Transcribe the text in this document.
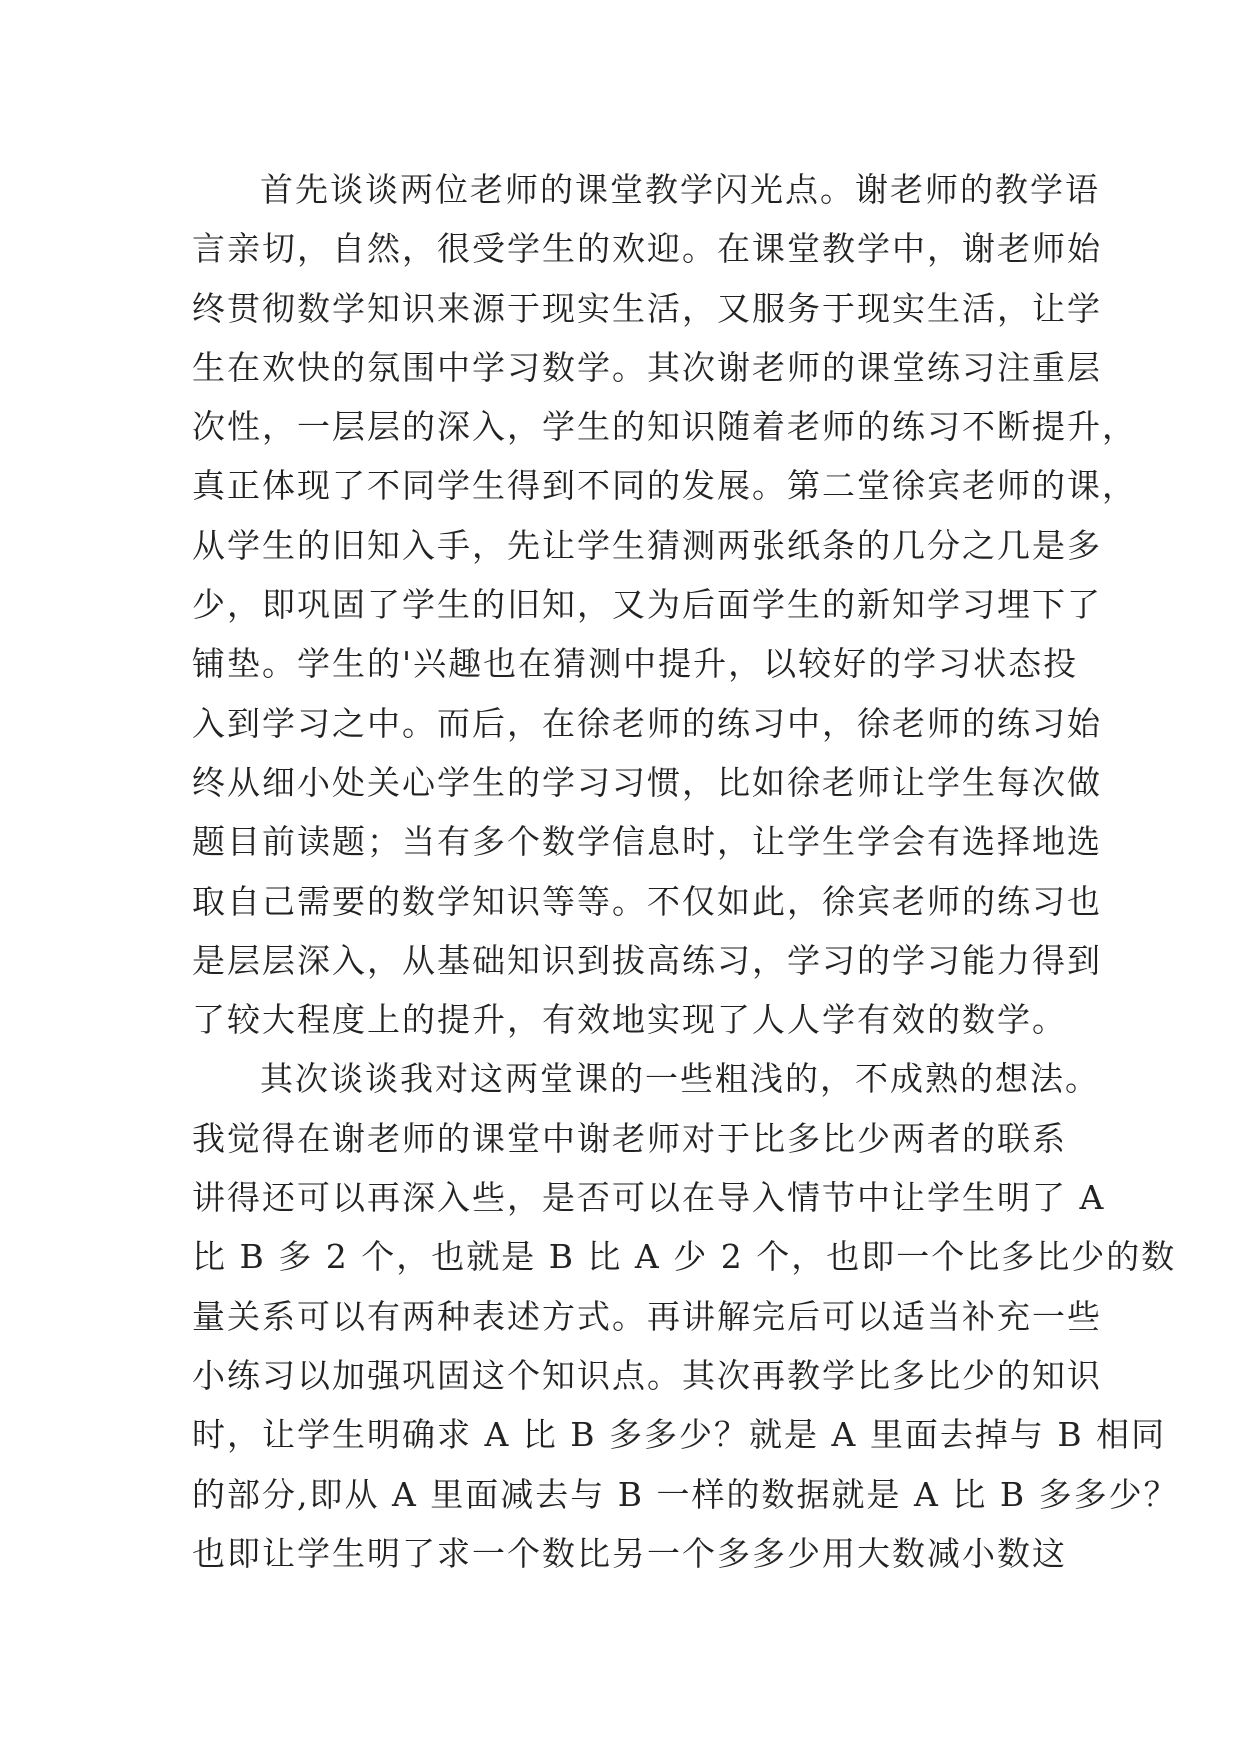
首先谈谈两位老师的课堂教学闪光点。谢老师的教学语
言亲切，自然，很受学生的欢迎。在课堂教学中，谢老师始
终贯彻数学知识来源于现实生活，又服务于现实生活，让学
生在欢快的氛围中学习数学。其次谢老师的课堂练习注重层
次性，一层层的深入，学生的知识随着老师的练习不断提升，
真正体现了不同学生得到不同的发展。第二堂徐宾老师的课，
从学生的旧知入手，先让学生猜测两张纸条的几分之几是多
少，即巩固了学生的旧知，又为后面学生的新知学习埋下了
铺垫。学生的'兴趣也在猜测中提升，以较好的学习状态投
入到学习之中。而后，在徐老师的练习中，徐老师的练习始
终从细小处关心学生的学习习惯，比如徐老师让学生每次做
题目前读题；当有多个数学信息时，让学生学会有选择地选
取自己需要的数学知识等等。不仅如此，徐宾老师的练习也
是层层深入，从基础知识到拔高练习，学习的学习能力得到
了较大程度上的提升，有效地实现了人人学有效的数学。
其次谈谈我对这两堂课的一些粗浅的，不成熟的想法。
我觉得在谢老师的课堂中谢老师对于比多比少两者的联系
讲得还可以再深入些，是否可以在导入情节中让学生明了 A
比 B 多 2 个，也就是 B 比 A 少 2 个，也即一个比多比少的数
量关系可以有两种表述方式。再讲解完后可以适当补充一些
小练习以加强巩固这个知识点。其次再教学比多比少的知识
时，让学生明确求 A 比 B 多多少？就是 A 里面去掉与 B 相同
的部分,即从 A 里面减去与 B 一样的数据就是 A 比 B 多多少？
也即让学生明了求一个数比另一个多多少用大数减小数这
